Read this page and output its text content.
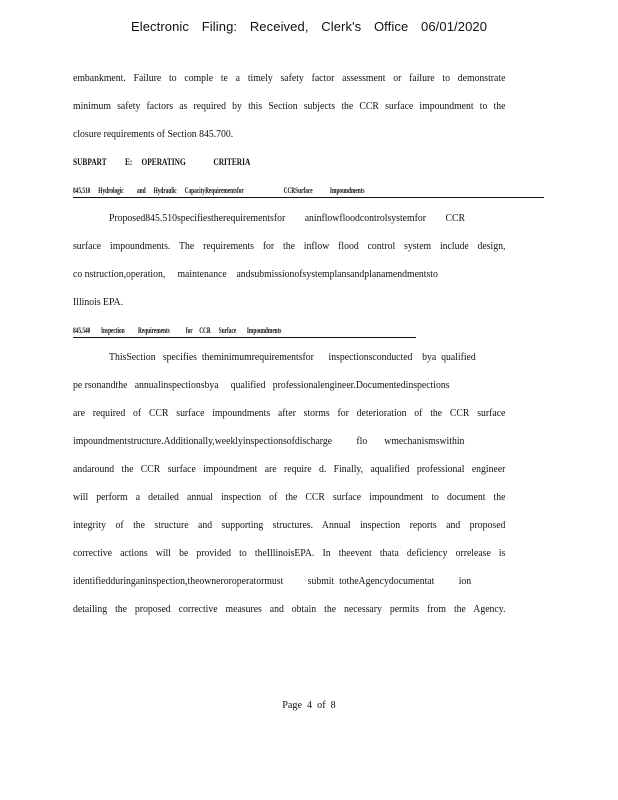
Electronic Filing: Received, Clerk's Office 06/01/2020
embankment. Failure to comple te a timely safety factor assessment or failure to demonstrate
minimum safety factors as required by this Section subjects the CCR surface impoundment to the
closure requirements of Section 845.700.
SUBPART          E:     OPERATING               CRITERIA
845.510      Hydrologic          and      Hydraulic      CapacityRequirementsfor                              CCRSurface             Impoundments
Proposed845.510specifiestherequirementsfor        aninflowfloodcontrolsystemfor        CCR
surface impoundments. The requirements for the inflow flood control system include design,
co nstruction,operation,     maintenance    andsubmissionofsystemplansandplanamendmentsto
Illinois EPA.
845.540        Inspection          Requirements            for     CCR      Surface        Impoundments
ThisSection   specifies  theminimumrequirementsfor      inspectionsconducted    bya  qualified
pe rsonandthe   annualinspectionsbya     qualified   professionalengineer.Documentedinspections
are required of CCR surface impoundments after storms for deterioration of the CCR surface
impoundmentstructure.Additionally,weeklyinspectionsofdischarge          flo       wmechanismswithin
andaround the CCR surface impoundment are require d. Finally, aqualified professional engineer
will perform a detailed annual inspection of the CCR surface impoundment to document the
integrity of the structure and supporting structures. Annual inspection reports and proposed
corrective actions will be provided to theIllinoisEPA. In theevent thata deficiency orrelease is
identifiedduringaninspection,theowneroroperatormust          submit  totheAgencydocumentat          ion
detailing the proposed corrective measures and obtain the necessary permits from the Agency.
Page  4  of  8
